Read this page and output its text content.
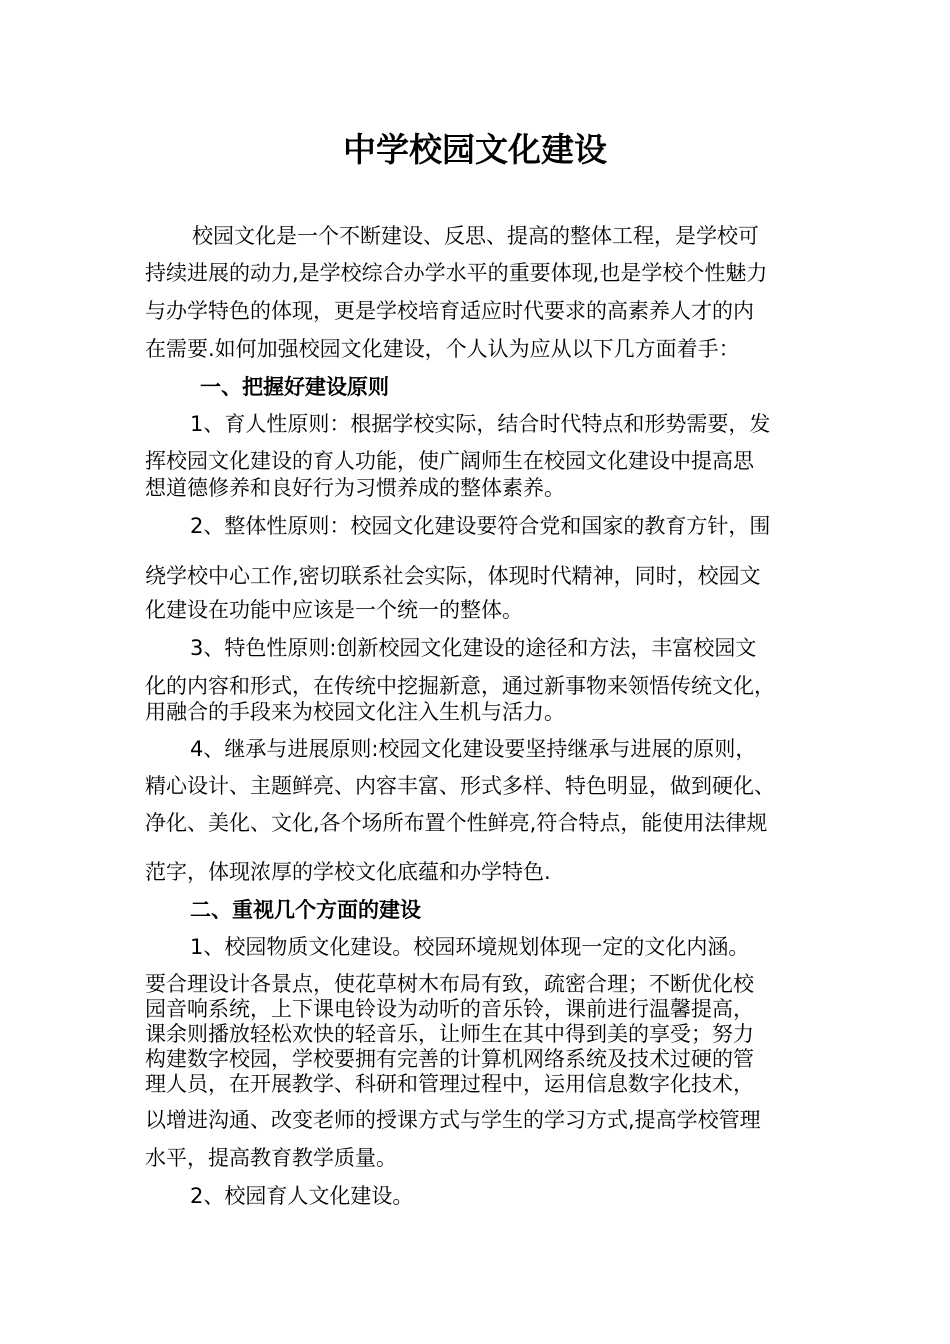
中学校园文化建设
校园文化是一个不断建设、反思、提高的整体工程，是学校可
持续进展的动力,是学校综合办学水平的重要体现,也是学校个性魅力
与办学特色的体现，更是学校培育适应时代要求的高素养人才的内
在需要.如何加强校园文化建设，个人认为应从以下几方面着手：
一、把握好建设原则
1、育人性原则：根据学校实际，结合时代特点和形势需要，发
挥校园文化建设的育人功能，使广阔师生在校园文化建设中提高思
想道德修养和良好行为习惯养成的整体素养。
2、整体性原则：校园文化建设要符合党和国家的教育方针，围
绕学校中心工作,密切联系社会实际，体现时代精神，同时，校园文
化建设在功能中应该是一个统一的整体。
3、特色性原则:创新校园文化建设的途径和方法，丰富校园文
化的内容和形式，在传统中挖掘新意，通过新事物来领悟传统文化，
用融合的手段来为校园文化注入生机与活力。
4、继承与进展原则:校园文化建设要坚持继承与进展的原则，
精心设计、主题鲜亮、内容丰富、形式多样、特色明显，做到硬化、
净化、美化、文化,各个场所布置个性鲜亮,符合特点，能使用法律规
范字，体现浓厚的学校文化底蕴和办学特色.
二、重视几个方面的建设
1、校园物质文化建设。校园环境规划体现一定的文化内涵。
要合理设计各景点，使花草树木布局有致，疏密合理；不断优化校
园音响系统，上下课电铃设为动听的音乐铃，课前进行温馨提高，
课余则播放轻松欢快的轻音乐，让师生在其中得到美的享受；努力
构建数字校园，学校要拥有完善的计算机网络系统及技术过硬的管
理人员，在开展教学、科研和管理过程中，运用信息数字化技术，
以增进沟通、改变老师的授课方式与学生的学习方式,提高学校管理
水平，提高教育教学质量。
2、校园育人文化建设。
